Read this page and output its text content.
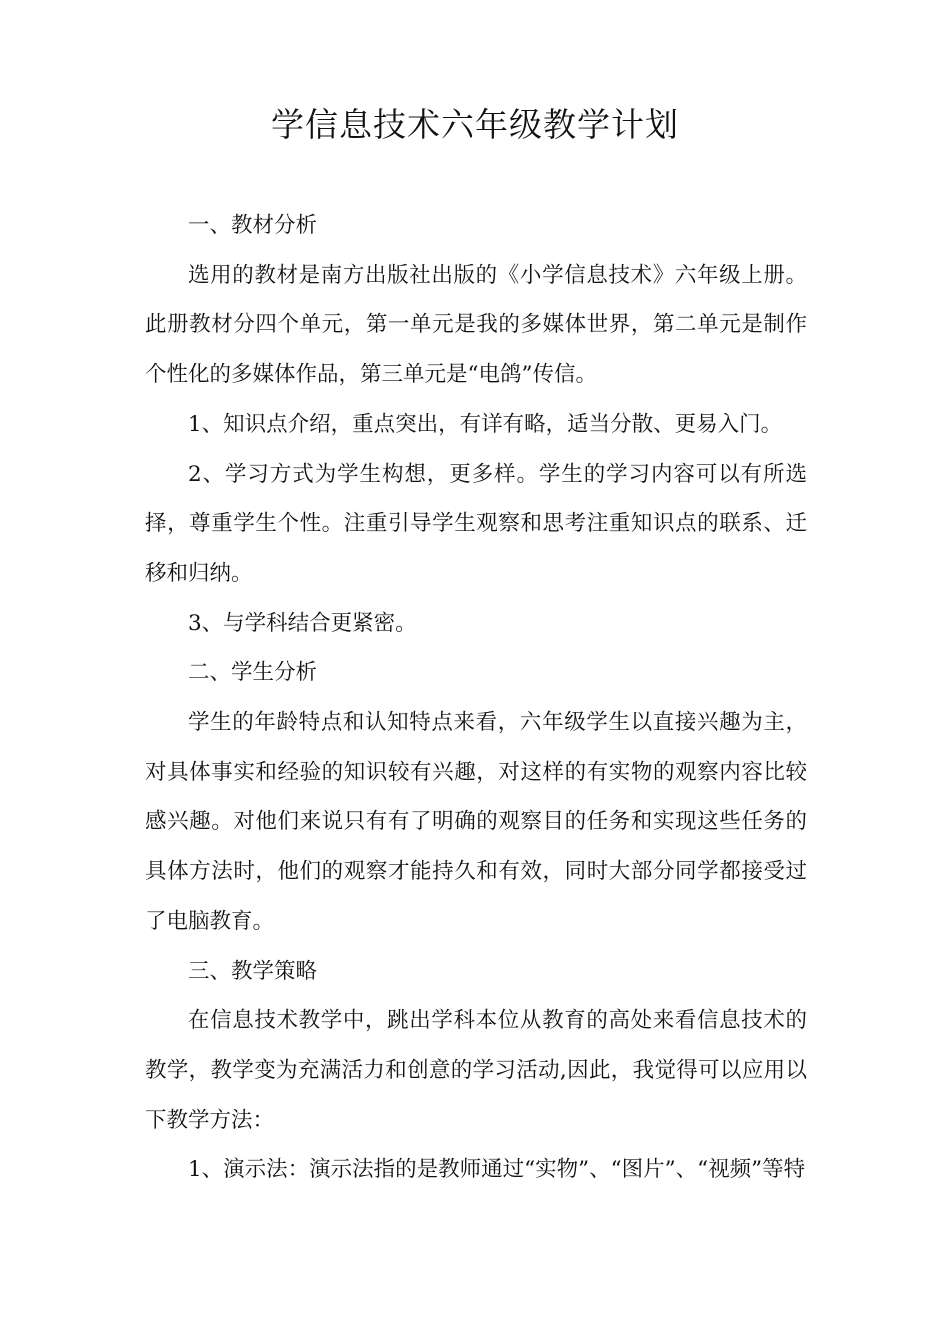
学信息技术六年级教学计划

一、教材分析

选用的教材是南方出版社出版的《小学信息技术》六年级上册。此册教材分四个单元，第一单元是我的多媒体世界，第二单元是制作个性化的多媒体作品，第三单元是“电鸽”传信。

1、知识点介绍，重点突出，有详有略，适当分散、更易入门。

2、学习方式为学生构想，更多样。学生的学习内容可以有所选择，尊重学生个性。注重引导学生观察和思考注重知识点的联系、迁移和归纳。

3、与学科结合更紧密。

二、学生分析

学生的年龄特点和认知特点来看，六年级学生以直接兴趣为主，对具体事实和经验的知识较有兴趣，对这样的有实物的观察内容比较感兴趣。对他们来说只有有了明确的观察目的任务和实现这些任务的具体方法时，他们的观察才能持久和有效，同时大部分同学都接受过了电脑教育。

三、教学策略

在信息技术教学中，跳出学科本位从教育的高处来看信息技术的教学，教学变为充满活力和创意的学习活动,因此，我觉得可以应用以下教学方法：

1、演示法：演示法指的是教师通过“实物”、“图片”、“视频”等特
